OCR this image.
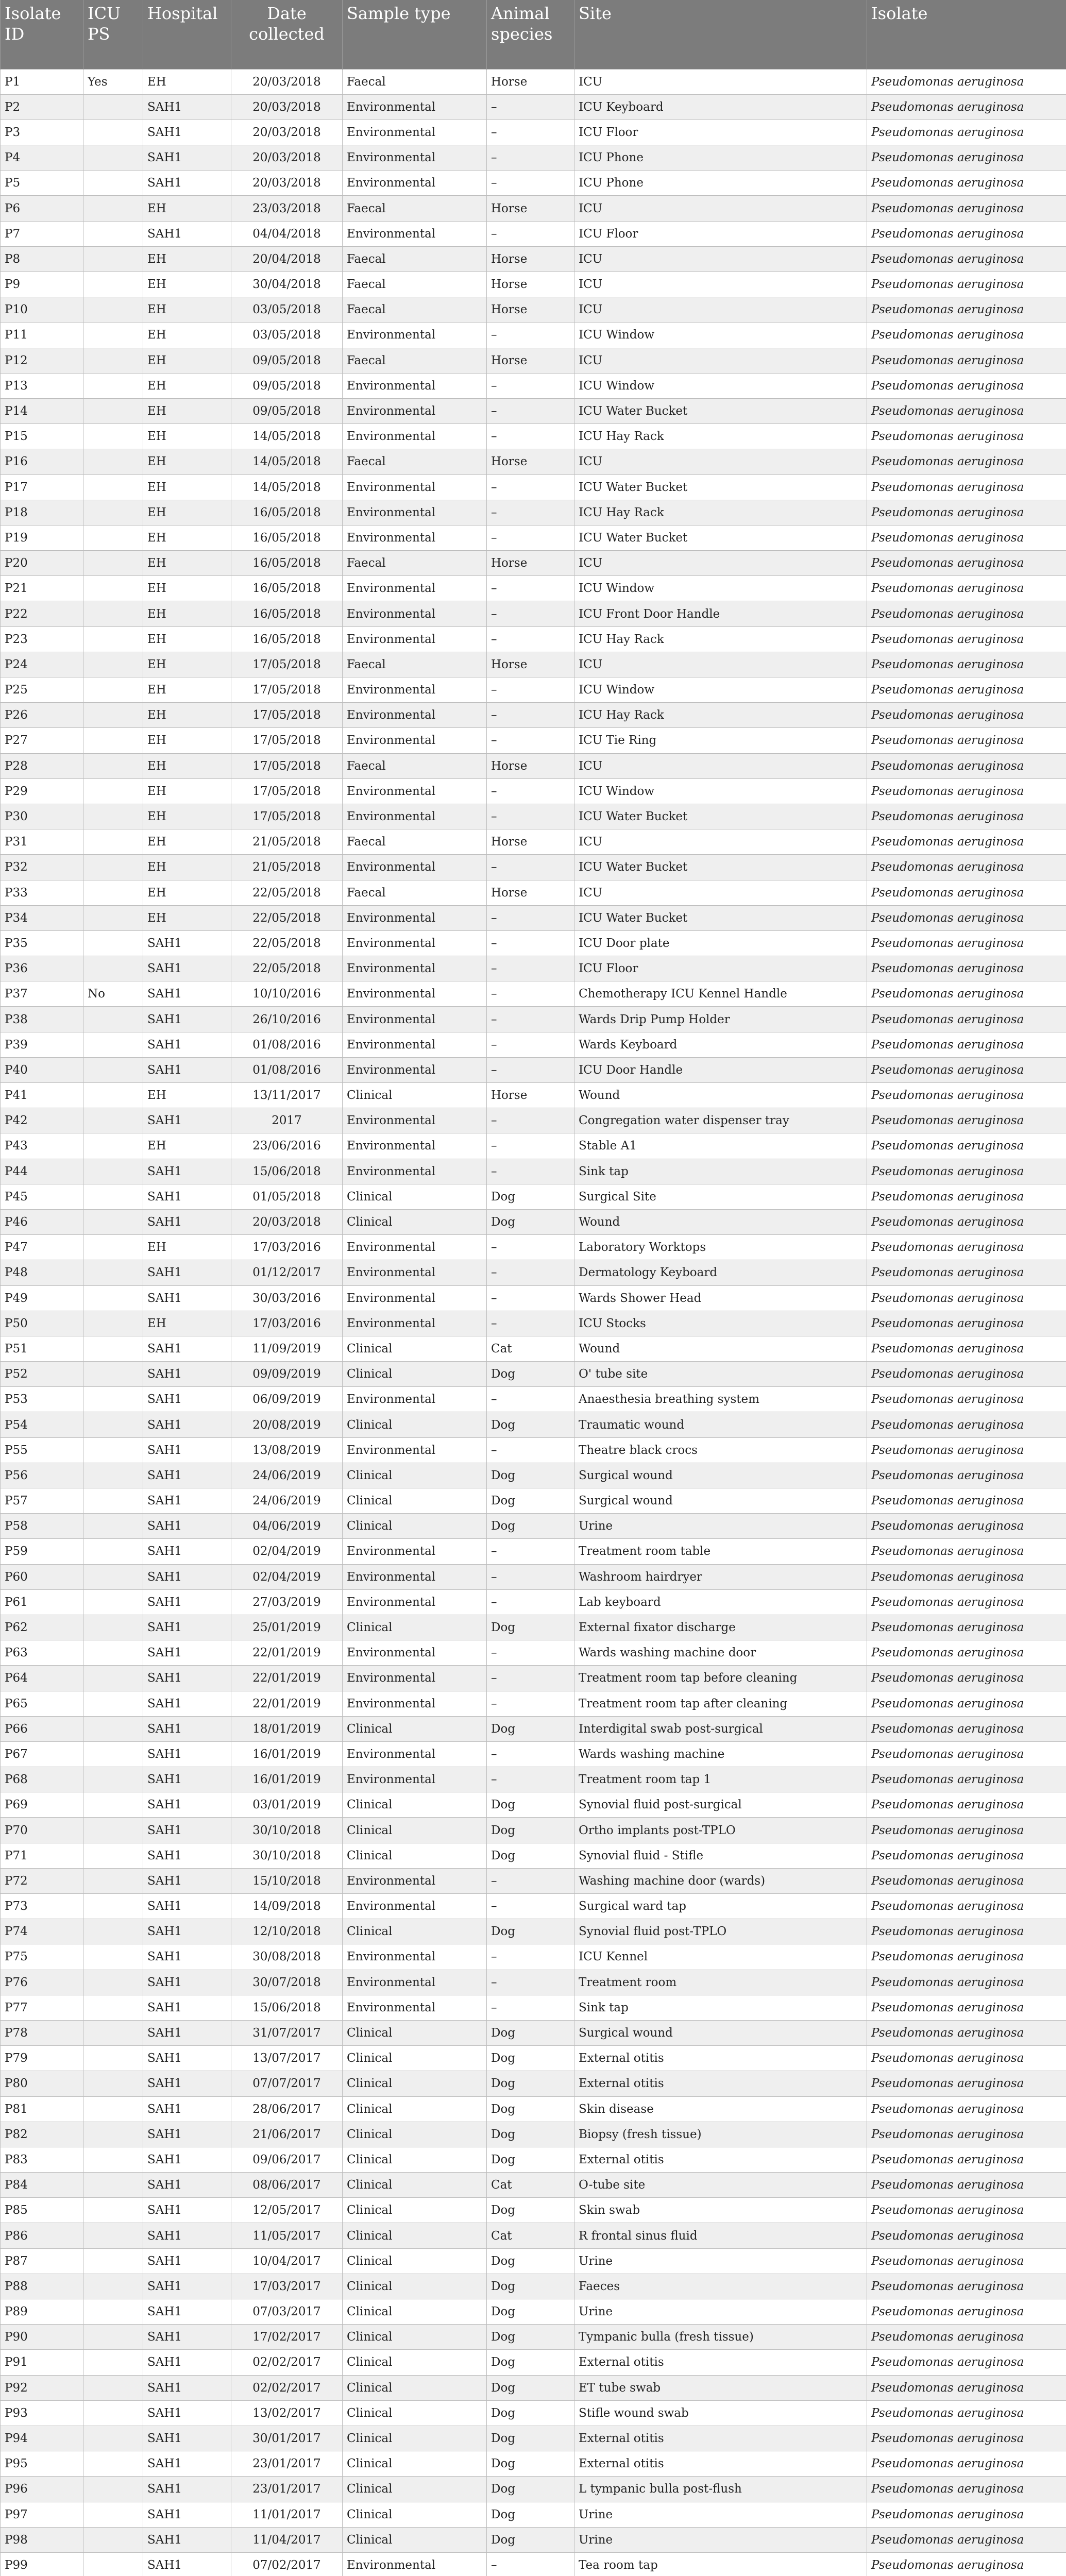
Isolate ID	ICU PS	Hospital	Date collected	Sample type	Animal species	Site	Isolate
P1	Yes	EH	20/03/2018	Faecal	Horse	ICU	Pseudomonas aeruginosa
P2		SAH1	20/03/2018	Environmental	–	ICU Keyboard	Pseudomonas aeruginosa
P3		SAH1	20/03/2018	Environmental	–	ICU Floor	Pseudomonas aeruginosa
P4		SAH1	20/03/2018	Environmental	–	ICU Phone	Pseudomonas aeruginosa
P5		SAH1	20/03/2018	Environmental	–	ICU Phone	Pseudomonas aeruginosa
P6		EH	23/03/2018	Faecal	Horse	ICU	Pseudomonas aeruginosa
P7		SAH1	04/04/2018	Environmental	–	ICU Floor	Pseudomonas aeruginosa
P8		EH	20/04/2018	Faecal	Horse	ICU	Pseudomonas aeruginosa
P9		EH	30/04/2018	Faecal	Horse	ICU	Pseudomonas aeruginosa
P10		EH	03/05/2018	Faecal	Horse	ICU	Pseudomonas aeruginosa
P11		EH	03/05/2018	Environmental	–	ICU Window	Pseudomonas aeruginosa
P12		EH	09/05/2018	Faecal	Horse	ICU	Pseudomonas aeruginosa
P13		EH	09/05/2018	Environmental	–	ICU Window	Pseudomonas aeruginosa
P14		EH	09/05/2018	Environmental	–	ICU Water Bucket	Pseudomonas aeruginosa
P15		EH	14/05/2018	Environmental	–	ICU Hay Rack	Pseudomonas aeruginosa
P16		EH	14/05/2018	Faecal	Horse	ICU	Pseudomonas aeruginosa
P17		EH	14/05/2018	Environmental	–	ICU Water Bucket	Pseudomonas aeruginosa
P18		EH	16/05/2018	Environmental	–	ICU Hay Rack	Pseudomonas aeruginosa
P19		EH	16/05/2018	Environmental	–	ICU Water Bucket	Pseudomonas aeruginosa
P20		EH	16/05/2018	Faecal	Horse	ICU	Pseudomonas aeruginosa
P21		EH	16/05/2018	Environmental	–	ICU Window	Pseudomonas aeruginosa
P22		EH	16/05/2018	Environmental	–	ICU Front Door Handle	Pseudomonas aeruginosa
P23		EH	16/05/2018	Environmental	–	ICU Hay Rack	Pseudomonas aeruginosa
P24		EH	17/05/2018	Faecal	Horse	ICU	Pseudomonas aeruginosa
P25		EH	17/05/2018	Environmental	–	ICU Window	Pseudomonas aeruginosa
P26		EH	17/05/2018	Environmental	–	ICU Hay Rack	Pseudomonas aeruginosa
P27		EH	17/05/2018	Environmental	–	ICU Tie Ring	Pseudomonas aeruginosa
P28		EH	17/05/2018	Faecal	Horse	ICU	Pseudomonas aeruginosa
P29		EH	17/05/2018	Environmental	–	ICU Window	Pseudomonas aeruginosa
P30		EH	17/05/2018	Environmental	–	ICU Water Bucket	Pseudomonas aeruginosa
P31		EH	21/05/2018	Faecal	Horse	ICU	Pseudomonas aeruginosa
P32		EH	21/05/2018	Environmental	–	ICU Water Bucket	Pseudomonas aeruginosa
P33		EH	22/05/2018	Faecal	Horse	ICU	Pseudomonas aeruginosa
P34		EH	22/05/2018	Environmental	–	ICU Water Bucket	Pseudomonas aeruginosa
P35		SAH1	22/05/2018	Environmental	–	ICU Door plate	Pseudomonas aeruginosa
P36		SAH1	22/05/2018	Environmental	–	ICU Floor	Pseudomonas aeruginosa
P37	No	SAH1	10/10/2016	Environmental	–	Chemotherapy ICU Kennel Handle	Pseudomonas aeruginosa
P38		SAH1	26/10/2016	Environmental	–	Wards Drip Pump Holder	Pseudomonas aeruginosa
P39		SAH1	01/08/2016	Environmental	–	Wards Keyboard	Pseudomonas aeruginosa
P40		SAH1	01/08/2016	Environmental	–	ICU Door Handle	Pseudomonas aeruginosa
P41		EH	13/11/2017	Clinical	Horse	Wound	Pseudomonas aeruginosa
P42		SAH1	2017	Environmental	–	Congregation water dispenser tray	Pseudomonas aeruginosa
P43		EH	23/06/2016	Environmental	–	Stable A1	Pseudomonas aeruginosa
P44		SAH1	15/06/2018	Environmental	–	Sink tap	Pseudomonas aeruginosa
P45		SAH1	01/05/2018	Clinical	Dog	Surgical Site	Pseudomonas aeruginosa
P46		SAH1	20/03/2018	Clinical	Dog	Wound	Pseudomonas aeruginosa
P47		EH	17/03/2016	Environmental	–	Laboratory Worktops	Pseudomonas aeruginosa
P48		SAH1	01/12/2017	Environmental	–	Dermatology Keyboard	Pseudomonas aeruginosa
P49		SAH1	30/03/2016	Environmental	–	Wards Shower Head	Pseudomonas aeruginosa
P50		EH	17/03/2016	Environmental	–	ICU Stocks	Pseudomonas aeruginosa
P51		SAH1	11/09/2019	Clinical	Cat	Wound	Pseudomonas aeruginosa
P52		SAH1	09/09/2019	Clinical	Dog	O' tube site	Pseudomonas aeruginosa
P53		SAH1	06/09/2019	Environmental	–	Anaesthesia breathing system	Pseudomonas aeruginosa
P54		SAH1	20/08/2019	Clinical	Dog	Traumatic wound	Pseudomonas aeruginosa
P55		SAH1	13/08/2019	Environmental	–	Theatre black crocs	Pseudomonas aeruginosa
P56		SAH1	24/06/2019	Clinical	Dog	Surgical wound	Pseudomonas aeruginosa
P57		SAH1	24/06/2019	Clinical	Dog	Surgical wound	Pseudomonas aeruginosa
P58		SAH1	04/06/2019	Clinical	Dog	Urine	Pseudomonas aeruginosa
P59		SAH1	02/04/2019	Environmental	–	Treatment room table	Pseudomonas aeruginosa
P60		SAH1	02/04/2019	Environmental	–	Washroom hairdryer	Pseudomonas aeruginosa
P61		SAH1	27/03/2019	Environmental	–	Lab keyboard	Pseudomonas aeruginosa
P62		SAH1	25/01/2019	Clinical	Dog	External fixator discharge	Pseudomonas aeruginosa
P63		SAH1	22/01/2019	Environmental	–	Wards washing machine door	Pseudomonas aeruginosa
P64		SAH1	22/01/2019	Environmental	–	Treatment room tap before cleaning	Pseudomonas aeruginosa
P65		SAH1	22/01/2019	Environmental	–	Treatment room tap after cleaning	Pseudomonas aeruginosa
P66		SAH1	18/01/2019	Clinical	Dog	Interdigital swab post-surgical	Pseudomonas aeruginosa
P67		SAH1	16/01/2019	Environmental	–	Wards washing machine	Pseudomonas aeruginosa
P68		SAH1	16/01/2019	Environmental	–	Treatment room tap 1	Pseudomonas aeruginosa
P69		SAH1	03/01/2019	Clinical	Dog	Synovial fluid post-surgical	Pseudomonas aeruginosa
P70		SAH1	30/10/2018	Clinical	Dog	Ortho implants post-TPLO	Pseudomonas aeruginosa
P71		SAH1	30/10/2018	Clinical	Dog	Synovial fluid - Stifle	Pseudomonas aeruginosa
P72		SAH1	15/10/2018	Environmental	–	Washing machine door (wards)	Pseudomonas aeruginosa
P73		SAH1	14/09/2018	Environmental	–	Surgical ward tap	Pseudomonas aeruginosa
P74		SAH1	12/10/2018	Clinical	Dog	Synovial fluid post-TPLO	Pseudomonas aeruginosa
P75		SAH1	30/08/2018	Environmental	–	ICU Kennel	Pseudomonas aeruginosa
P76		SAH1	30/07/2018	Environmental	–	Treatment room	Pseudomonas aeruginosa
P77		SAH1	15/06/2018	Environmental	–	Sink tap	Pseudomonas aeruginosa
P78		SAH1	31/07/2017	Clinical	Dog	Surgical wound	Pseudomonas aeruginosa
P79		SAH1	13/07/2017	Clinical	Dog	External otitis	Pseudomonas aeruginosa
P80		SAH1	07/07/2017	Clinical	Dog	External otitis	Pseudomonas aeruginosa
P81		SAH1	28/06/2017	Clinical	Dog	Skin disease	Pseudomonas aeruginosa
P82		SAH1	21/06/2017	Clinical	Dog	Biopsy (fresh tissue)	Pseudomonas aeruginosa
P83		SAH1	09/06/2017	Clinical	Dog	External otitis	Pseudomonas aeruginosa
P84		SAH1	08/06/2017	Clinical	Cat	O-tube site	Pseudomonas aeruginosa
P85		SAH1	12/05/2017	Clinical	Dog	Skin swab	Pseudomonas aeruginosa
P86		SAH1	11/05/2017	Clinical	Cat	R frontal sinus fluid	Pseudomonas aeruginosa
P87		SAH1	10/04/2017	Clinical	Dog	Urine	Pseudomonas aeruginosa
P88		SAH1	17/03/2017	Clinical	Dog	Faeces	Pseudomonas aeruginosa
P89		SAH1	07/03/2017	Clinical	Dog	Urine	Pseudomonas aeruginosa
P90		SAH1	17/02/2017	Clinical	Dog	Tympanic bulla (fresh tissue)	Pseudomonas aeruginosa
P91		SAH1	02/02/2017	Clinical	Dog	External otitis	Pseudomonas aeruginosa
P92		SAH1	02/02/2017	Clinical	Dog	ET tube swab	Pseudomonas aeruginosa
P93		SAH1	13/02/2017	Clinical	Dog	Stifle wound swab	Pseudomonas aeruginosa
P94		SAH1	30/01/2017	Clinical	Dog	External otitis	Pseudomonas aeruginosa
P95		SAH1	23/01/2017	Clinical	Dog	External otitis	Pseudomonas aeruginosa
P96		SAH1	23/01/2017	Clinical	Dog	L tympanic bulla post-flush	Pseudomonas aeruginosa
P97		SAH1	11/01/2017	Clinical	Dog	Urine	Pseudomonas aeruginosa
P98		SAH1	11/04/2017	Clinical	Dog	Urine	Pseudomonas aeruginosa
P99		SAH1	07/02/2017	Environmental	–	Tea room tap	Pseudomonas aeruginosa
